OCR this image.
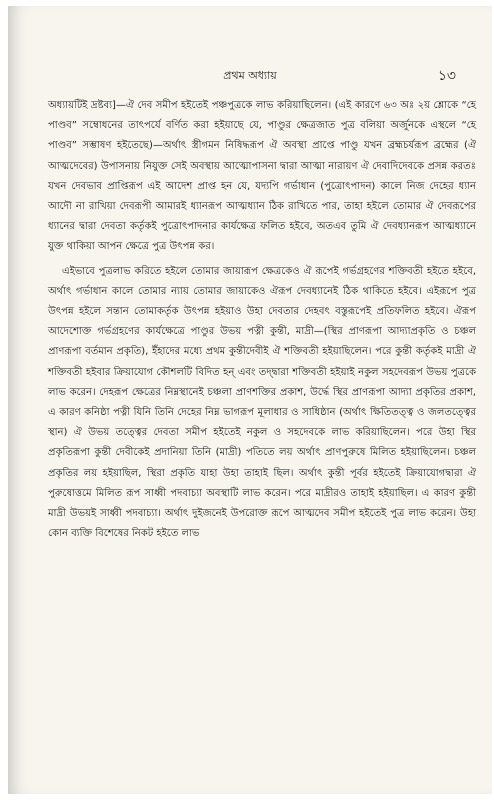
প্রথম অধ্যায়	১৩

অধ্যায়টিই দ্রষ্টব্য]—ঐ দেব সমীপ হইতেই পঞ্চপুত্রকে লাভ করিয়াছিলেন। (এই কারণে ৬৩ অঃ ২য় শ্লোকে “হে পাণ্ডব” সম্বোধনের তাৎপর্যে বর্ণিত করা হইয়াছে যে, পাণ্ডুর ক্ষেত্রজাত পুত্র বলিয়া অর্জুনকে এস্থলে “হে পাণ্ডব” সম্ভাষণ হইতেছে)—অর্থাৎ স্ত্রীগমন নিষিদ্ধরূপ ঐ অবস্থা প্রাপ্তে পাণ্ডু যখন ব্রহ্মচর্যরূপ ব্রহ্মের (ঐ আত্মদেবের) উপাসনায় নিযুক্ত সেই অবস্থায় আত্মোপাসনা দ্বারা আত্মা নারায়ণ ঐ দেবাদিদেবকে প্রসন্ন করতঃ যখন দেবভাব প্রাপ্তিরূপ এই আদেশ প্রাপ্ত হন যে, যদ্যপি গর্ভাধান (পুত্রোৎপাদন) কালে নিজ দেহের ধ্যান আদৌ না রাখিয়া দেবরূপী আমারই ধ্যানরূপ আত্মধ্যান ঠিক রাখিতে পার, তাহা হইলে তোমার ঐ দেবরূপের ধ্যানের দ্বারা দেবতা কর্তৃকই পুত্রোৎপাদনার কার্যক্ষেত্র ফলিত হইবে, অতএব তুমি ঐ দেবধ্যানরূপ আত্মধ্যানে যুক্ত থাকিয়া আপন ক্ষেত্রে পুত্র উৎপন্ন কর।

এইভাবে পুত্রলাভ করিতে হইলে তোমার জায়ারূপ ক্ষেত্রকেও ঐ রূপেই গর্ভগ্রহণের শক্তিবতী হইতে হইবে, অর্থাৎ গর্ভাধান কালে তোমার ন্যায় তোমার জায়াকেও ঐরূপ দেবধ্যানেই ঠিক থাকিতে হইবে। এইরূপে পুত্র উৎপন্ন হইলে সন্তান তোমাকর্তৃক উৎপন্ন হইয়াও উহা দেবতার দেহবৎ বস্তুরূপেই প্রতিফলিত হইবে। ঐরূপ আদেশোক্ত গর্ভগ্রহণের কার্যক্ষেত্রে পাণ্ডুর উভয় পত্নী কুন্তী, মাদ্রী—(স্থির প্রাণরূপা আদ্যাপ্রকৃতি ও চঞ্চল প্রাণরূপা বর্তমান প্রকৃতি), ইঁহাদের মধ্যে প্রথম কুন্তীদেবীই ঐ শক্তিবতী হইয়াছিলেন। পরে কুন্তী কর্তৃকই মাদ্রী ঐ শক্তিবতী হইবার ক্রিয়াযোগ কৌশলটি বিদিত হন্ এবং তদ্দ্বারা শক্তিবতী হইয়াই নকুল সহদেবরূপ উভয় পুত্রকে লাভ করেন। দেহরূপ ক্ষেত্রের নিম্নস্থানেই চঞ্চলা প্রাণশক্তির প্রকাশ, উর্দ্ধে স্থির প্রাণরূপা আদ্যা প্রকৃতির প্রকাশ, এ কারণ কনিষ্ঠা পত্নী যিনি তিনি দেহের নিম্ন ভাগরূপ মূলাধার ও সাধিষ্ঠান (অর্থাৎ ক্ষিতিতত্ত্ব ও জলতত্ত্বের স্থান) ঐ উভয় তত্ত্বের দেবতা সমীপ হইতেই নকুল ও সহদেবকে লাভ করিয়াছিলেন। পরে উহা স্থির প্রকৃতিরূপা কুন্তী দেবীকেই প্রদানিয়া তিনি (মাদ্রী) পতিতে লয় অর্থাৎ প্রাণপুরুষে মিলিত হইয়াছিলেন। চঞ্চল প্রকৃতির লয় হইয়াছিল, স্থিরা প্রকৃতি যাহা উহা তাহাই ছিল। অর্থাৎ কুন্তী পূর্বর হইতেই ক্রিয়াযোগদ্বারা ঐ পুরুষোত্তমে মিলিত রূপ সাধ্বী পদবাচ্যা অবস্থাটি লাভ করেন। পরে মাদ্রীরও তাহাই হইয়াছিল। এ কারণ কুন্তী মাদ্রী উভয়ই সাধ্বী পদবাচ্যা। অর্থাৎ দুইজনেই উপরোক্ত রূপে আত্মদেব সমীপ হইতেই পুত্র লাভ করেন। উহা কোন ব্যক্তি বিশেষের নিকট হইতে লাভ
